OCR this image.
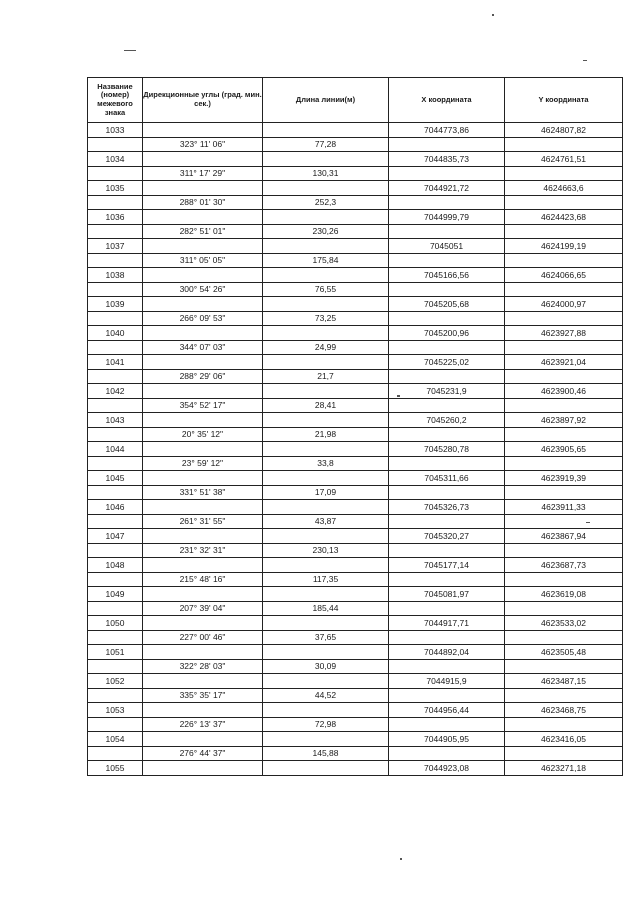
Название (номер) межевого знака	Дирекционные углы (град. мин. сек.)	Длина линии(м)	X координата	Y координата
1033			7044773,86	4624807,82
	323° 11' 06"	77,28		
1034			7044835,73	4624761,51
	311° 17' 29"	130,31		
1035			7044921,72	4624663,6
	288° 01' 30"	252,3		
1036			7044999,79	4624423,68
	282° 51' 01"	230,26		
1037			7045051	4624199,19
	311° 05' 05"	175,84		
1038			7045166,56	4624066,65
	300° 54' 26"	76,55		
1039			7045205,68	4624000,97
	266° 09' 53"	73,25		
1040			7045200,96	4623927,88
	344° 07' 03"	24,99		
1041			7045225,02	4623921,04
	288° 29' 06"	21,7		
1042			7045231,9	4623900,46
	354° 52' 17"	28,41		
1043			7045260,2	4623897,92
	20° 35' 12"	21,98		
1044			7045280,78	4623905,65
	23° 59' 12"	33,8		
1045			7045311,66	4623919,39
	331° 51' 38"	17,09		
1046			7045326,73	4623911,33
	261° 31' 55"	43,87		
1047			7045320,27	4623867,94
	231° 32' 31"	230,13		
1048			7045177,14	4623687,73
	215° 48' 16"	117,35		
1049			7045081,97	4623619,08
	207° 39' 04"	185,44		
1050			7044917,71	4623533,02
	227° 00' 46"	37,65		
1051			7044892,04	4623505,48
	322° 28' 03"	30,09		
1052			7044915,9	4623487,15
	335° 35' 17"	44,52		
1053			7044956,44	4623468,75
	226° 13' 37"	72,98		
1054			7044905,95	4623416,05
	276° 44' 37"	145,88		
1055			7044923,08	4623271,18
